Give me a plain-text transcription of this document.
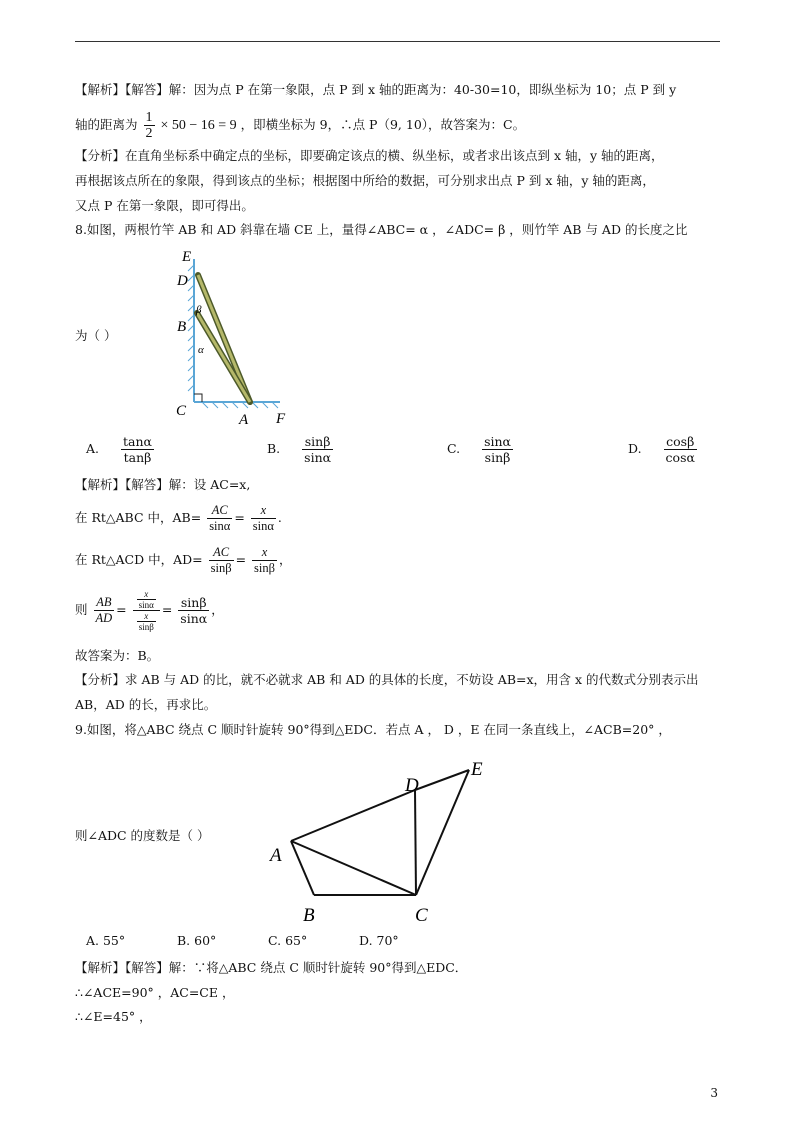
【解析】【解答】解：因为点 P 在第一象限，点 P 到 x 轴的距离为：40-30=10，即纵坐标为 10；点 P 到 y
轴的距离为 $\frac{1}{2} \times 50 - 16 = 9$ ，即横坐标为 9，∴点 P（9, 10），故答案为：C。
【分析】在直角坐标系中确定点的坐标，即要确定该点的横、纵坐标，或者求出该点到 x 轴，y 轴的距离，
再根据该点所在的象限，得到该点的坐标；根据图中所给的数据，可分别求出点 P 到 x 轴，y 轴的距离，
又点 P 在第一象限，即可得出。
8.如图，两根竹竿 AB 和 AD 斜靠在墙 CE 上，量得∠ABC= α ，∠ADC= β ，则竹竿 AB 与 AD 的长度之比
E
D
β
B
α
C
A F
为（ ）
A. $\frac{\tan\alpha}{\tan\beta}$	B. $\frac{\sin\beta}{\sin\alpha}$	C. $\frac{\sin\alpha}{\sin\beta}$	D. $\frac{\cos\beta}{\cos\alpha}$
【解析】【解答】解：设 AC=x,
在 Rt△ABC 中，$AB= \frac{AC}{\sin\alpha} = \frac{x}{\sin\alpha}$ .
在 Rt△ACD 中，$AD= \frac{AC}{\sin\beta} = \frac{x}{\sin\beta}$ ，
则 $\frac{AB}{AD} = \frac{\frac{x}{\sin\alpha}}{\frac{x}{\sin\beta}} = \frac{\sin\beta}{\sin\alpha}$ ，
故答案为：B。
【分析】求 AB 与 AD 的比，就不必就求 AB 和 AD 的具体的长度，不妨设 AB=x，用含 x 的代数式分别表示出
AB，AD 的长，再求比。
9.如图，将△ABC 绕点 C 顺时针旋转 90°得到△EDC．若点 A ， D ，E 在同一条直线上，∠ACB=20° ，
A
B	C
D
E
则∠ADC 的度数是（ ）
A. 55°	B. 60°	C. 65°	D. 70°
【解析】【解答】解：∵将△ABC 绕点 C 顺时针旋转 90°得到△EDC．
∴∠ACE=90° ，AC=CE ，
∴∠E=45° ，
3
